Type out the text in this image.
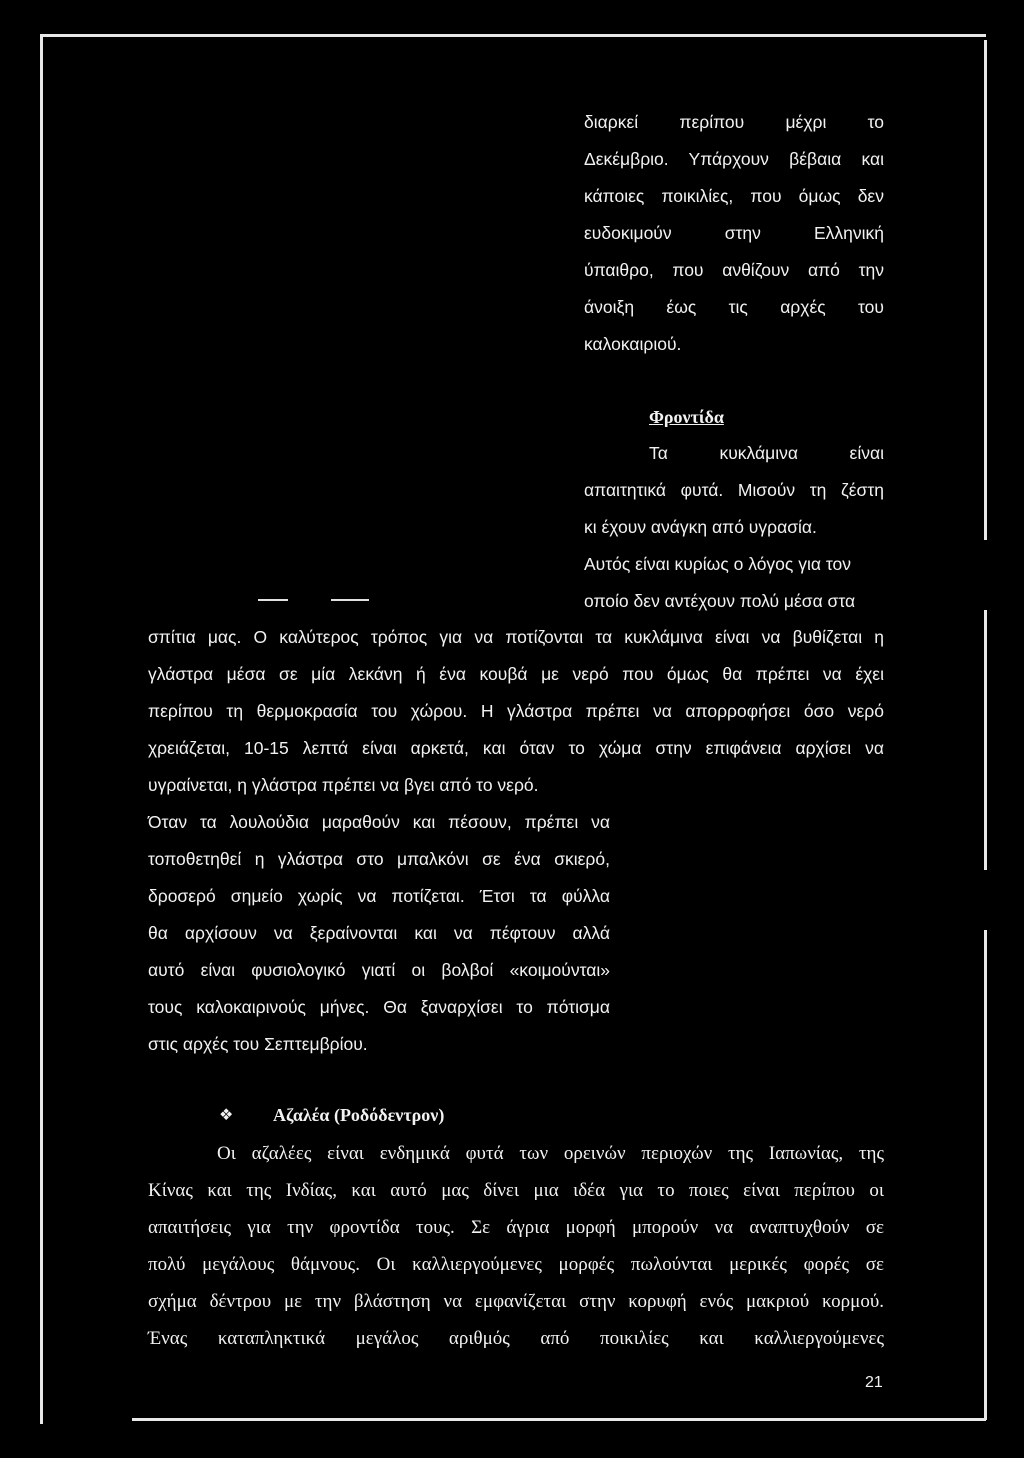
διαρκεί περίπου μέχρι το
Δεκέμβριο. Υπάρχουν βέβαια και
κάποιες ποικιλίες, που όμως δεν
ευδοκιμούν στην Ελληνική
ύπαιθρο, που ανθίζουν από την
άνοιξη έως τις αρχές του
καλοκαιριού.
Φροντίδα
Τα κυκλάμινα είναι
απαιτητικά φυτά. Μισούν τη ζέστη
κι έχουν ανάγκη από υγρασία.
Αυτός είναι κυρίως ο λόγος για τον
οποίο δεν αντέχουν πολύ μέσα στα
σπίτια μας. Ο καλύτερος τρόπος για να ποτίζονται τα κυκλάμινα είναι να βυθίζεται η
γλάστρα μέσα σε μία λεκάνη ή ένα κουβά με νερό που όμως θα πρέπει να έχει
περίπου τη θερμοκρασία του χώρου. Η γλάστρα πρέπει να απορροφήσει όσο νερό
χρειάζεται, 10-15 λεπτά είναι αρκετά, και όταν το χώμα στην επιφάνεια αρχίσει να
υγραίνεται, η γλάστρα πρέπει να βγει από το νερό.
Όταν τα λουλούδια μαραθούν και πέσουν, πρέπει να
τοποθετηθεί η γλάστρα στο μπαλκόνι σε ένα σκιερό,
δροσερό σημείο χωρίς να ποτίζεται. Έτσι τα φύλλα
θα αρχίσουν να ξεραίνονται και να πέφτουν αλλά
αυτό είναι φυσιολογικό γιατί οι βολβοί «κοιμούνται»
τους καλοκαιρινούς μήνες. Θα ξαναρχίσει το πότισμα
στις αρχές του Σεπτεμβρίου.
❖ Αζαλέα (Ροδόδεντρον)
Οι αζαλέες είναι ενδημικά φυτά των ορεινών περιοχών της Ιαπωνίας, της
Κίνας και της Ινδίας, και αυτό μας δίνει μια ιδέα για το ποιες είναι περίπου οι
απαιτήσεις για την φροντίδα τους. Σε άγρια μορφή μπορούν να αναπτυχθούν σε
πολύ μεγάλους θάμνους. Οι καλλιεργούμενες μορφές πωλούνται μερικές φορές σε
σχήμα δέντρου με την βλάστηση να εμφανίζεται στην κορυφή ενός μακριού κορμού.
Ένας καταπληκτικά μεγάλος αριθμός από ποικιλίες και καλλιεργούμενες
21
